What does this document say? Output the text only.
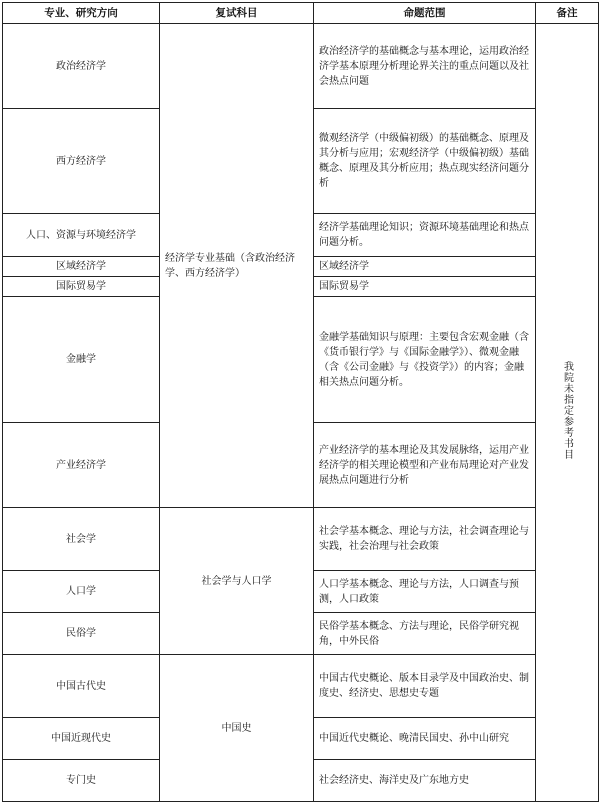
专业、研究方向	复试科目	命题范围	备注
政治经济学	经济学专业基础（含政治经济学、西方经济学）	政治经济学的基础概念与基本理论，运用政治经济学基本原理分析理论界关注的重点问题以及社会热点问题	我院未指定参考书目
西方经济学		微观经济学（中级偏初级）的基础概念、原理及其分析与应用；宏观经济学（中级偏初级）基础概念、原理及其分析应用；热点现实经济问题分析	
人口、资源与环境经济学		经济学基础理论知识；资源环境基础理论和热点问题分析。	
区域经济学		区域经济学	
国际贸易学		国际贸易学	
金融学		金融学基础知识与原理：主要包含宏观金融（含《货币银行学》与《国际金融学》）、微观金融（含《公司金融》与《投资学》）的内容；金融相关热点问题分析。	
产业经济学		产业经济学的基本理论及其发展脉络，运用产业经济学的相关理论模型和产业布局理论对产业发展热点问题进行分析	
社会学	社会学与人口学	社会学基本概念、理论与方法，社会调查理论与实践，社会治理与社会政策	
人口学		人口学基本概念、理论与方法，人口调查与预测，人口政策	
民俗学		民俗学基本概念、方法与理论，民俗学研究视角，中外民俗	
中国古代史	中国史	中国古代史概论、版本目录学及中国政治史、制度史、经济史、思想史专题	
中国近现代史		中国近代史概论、晚清民国史、孙中山研究	
专门史		社会经济史、海洋史及广东地方史	
